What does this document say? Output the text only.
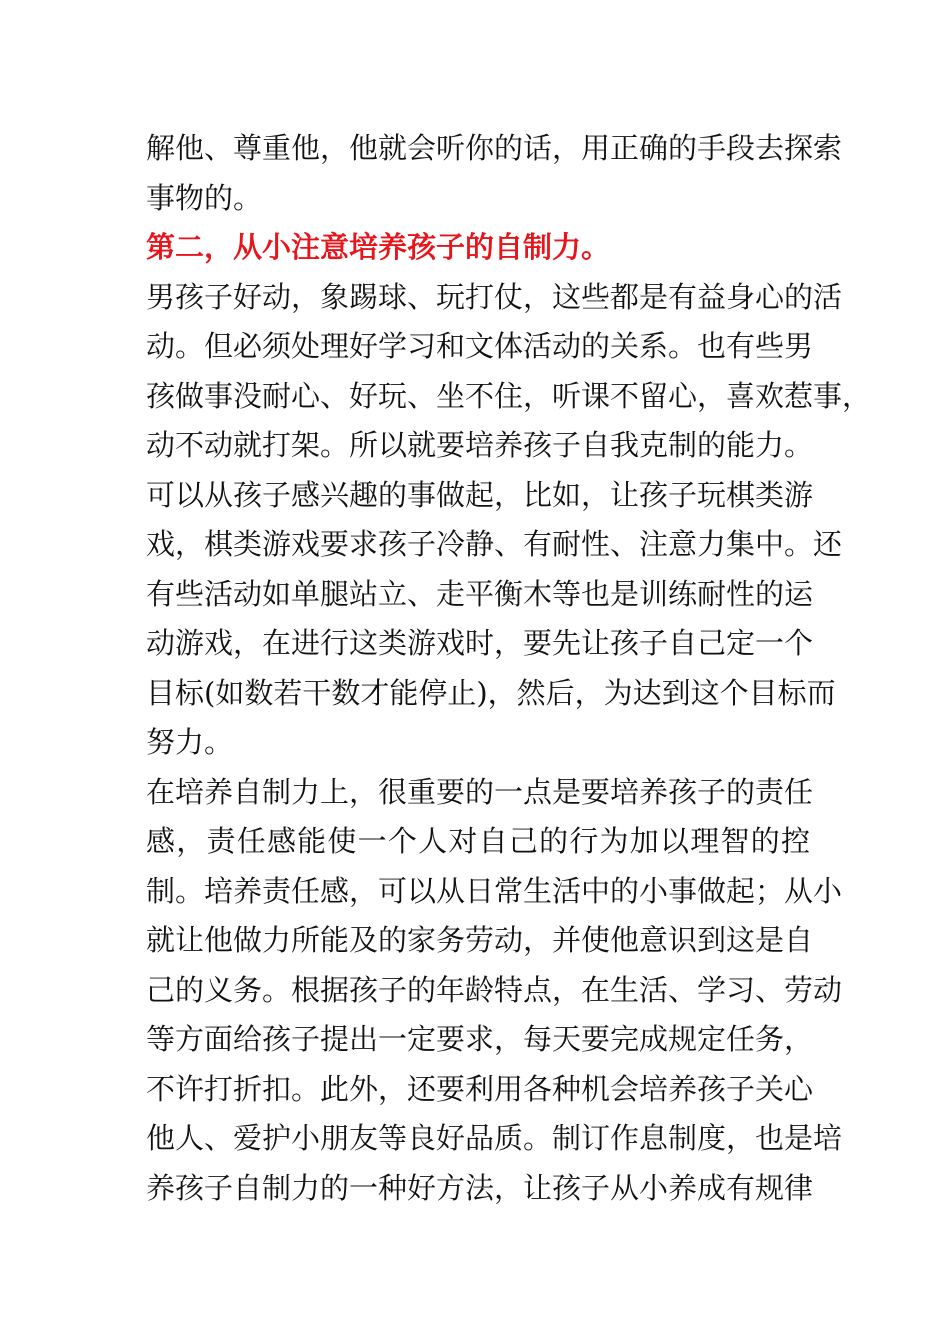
解他、尊重他，他就会听你的话，用正确的手段去探索
事物的。
第二，从小注意培养孩子的自制力。
男孩子好动，象踢球、玩打仗，这些都是有益身心的活
动。但必须处理好学习和文体活动的关系。也有些男
孩做事没耐心、好玩、坐不住，听课不留心，喜欢惹事，
动不动就打架。所以就要培养孩子自我克制的能力。
可以从孩子感兴趣的事做起，比如，让孩子玩棋类游
戏，棋类游戏要求孩子冷静、有耐性、注意力集中。还
有些活动如单腿站立、走平衡木等也是训练耐性的运
动游戏，在进行这类游戏时，要先让孩子自己定一个
目标(如数若干数才能停止)，然后，为达到这个目标而
努力。
在培养自制力上，很重要的一点是要培养孩子的责任
感，责任感能使一个人对自己的行为加以理智的控
制。培养责任感，可以从日常生活中的小事做起；从小
就让他做力所能及的家务劳动，并使他意识到这是自
己的义务。根据孩子的年龄特点，在生活、学习、劳动
等方面给孩子提出一定要求，每天要完成规定任务，
不许打折扣。此外，还要利用各种机会培养孩子关心
他人、爱护小朋友等良好品质。制订作息制度，也是培
养孩子自制力的一种好方法，让孩子从小养成有规律
